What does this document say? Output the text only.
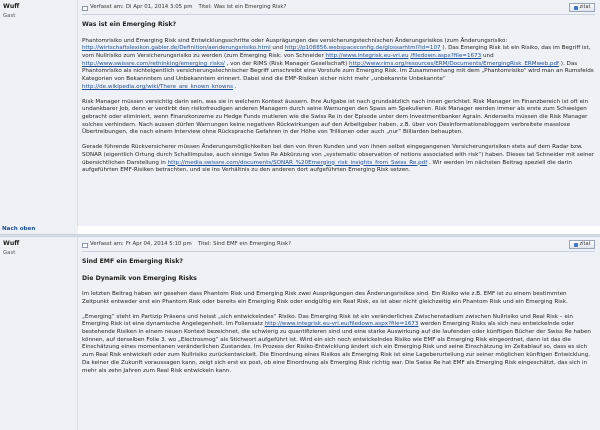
Wuff
Gast
Verfasst am: Di Apr 01, 2014 3:05 pm Titel: Was ist ein Emerging Risk?	zitat
Was ist ein Emerging Risk?

Phantomrisiko und Emerging Risk sind Entwicklungsschritte oder Ausprägungen des versicherungstechnischen Änderungsrisikos (zum Änderungsrisiko:
http://wirtschaftslexikon.gabler.de/Definition/aenderungsrisiko.html und http://p108856.webspaceconfig.de/glossarhtml?id=107 ). Das Emerging Risk ist ein Risiko, das im Begriff ist, vom Nullrisiko zum Versicherungsrisiko zu werden (zum Emerging Risk: von Schneider http://www.integrisk.eu-vri.eu /filedown.aspx?file=1673 und http://www.swissre.com/rethinking/emerging_risks/ , von der RIMS (Risk Manager Gesellschaft) http://www.rims.org/resources/ERM/Documents/EmergingRisk_ERMweb.pdf ). Das Phantomrisiko als nichteigentlich versicherungstechnischer Begriff umschreibt eine Vorstufe zum Emerging Risk. Im Zusammenhang mit dem „Phantomrisiko“ wird man an Rumsfelds Kategorien von Bekannntem und Unbekanntem erinnert. Dabei sind die EMF-Risiken sicher nicht mehr „unbekannte Unbekannte“ http://de.wikipedia.org/wiki/There_are_known_knowns .

Risk Manager müssen versichtig darin sein, was sie in welchem Kontext äussern. Ihre Aufgabe ist nach grundsätzlich nach innen gerichtet. Risk Manager im Finanzbereich ist oft ein undankbarer Job, denn er verdirbt den risikofreudigen anderen Managern durch seine Warnungen den Spass am Spekulieren. Risk Manager werden immer als erste zum Schweigen gebracht oder eliminiert, wenn Finanzkonzerne zu Hedge Funds mutieren wie die Swiss Re in der Episode unter dem Investmentbanker Agrain. Anderseits müssen die Risk Manager solches verhindern. Nach aussen dürfen Warnungen keine negativen Rückwirkungen auf den Arbeitgeber haben, z.B. über von Desinformationsbloggern verbreitete masslose Übertreibungen, die nach einem Interview ohne Rücksprache Gefahren in der Höhe von Trillionen oder auch „nur“ Billiarden behaupten.

Gerade führende Rückversicherer müssen Änderungsmöglichkeiten bei den von ihren Kunden und von ihnen selbst eingegangenen Versicherungsrisiken stets auf dem Radar bzw. SONAR (eigentlich Ortung durch Schallimpulse, auch sinnige Swiss Re Abkürzung von „systematic observation of notions associated with risk“) haben. Dieses tat Schneider mit seiner übersichtlichen Darstellung in http://media.swissre.com/documents/SONAR_%20Emerging_risk_insights_from_Swiss_Re.pdf . Wir werden im nächsten Beitrag speziell die darin aufgeführten EMF-Risiken betrachten, und sie ins Verhältnis zu den anderen dort aufgeführten Emerging Risk setzen.

Nach oben
Wuff
Gast
Verfasst am: Fr Apr 04, 2014 5:10 pm Titel: Sind EMF ein Emerging Risk?	zitat
Sind EMF ein Emerging Risk?
Die Dynamik von Emerging Risks

Im letzten Beitrag haben wir gesehen dass Phantom Risk und Emerging Risk zwei Ausprägungen des Änderungsrisikos sind. Ein Risiko wie z.B. EMF ist zu einem bestimmten Zeitpunkt entweder erst ein Phantom Risk oder bereits ein Emerging Risk oder endgültig ein Real Risk, es ist aber nicht gleichzeitig ein Phantom Risk und ein Emerging Risk.

„Emerging“ steht im Partizip Präsens und heisst „sich entwickelndes“ Risiko. Das Emerging Risk ist ein veränderliches Zwischenstadium zwischen Nullrisiko und Real Risk – ein Emerging Risk ist eine dynamische Angelegenheit. Im Foliensatz http://www.integrisk.eu-vri.eu/filedown.aspx?file=1673 werden Emerging Risks als sich neu entwickelnde oder bestehende Risiken in einem neuen Kontext bezeichnet, die schwierig zu quantifizieren sind und eine starke Auswirkung auf die laufenden oder künftigen Bücher der Swiss Re haben können, auf derselben Folie 3. wo „Electrosmog“ als Stichwort aufgeführt ist. Wird ein sich noch entwickelndes Risiko wie EMF als Emerging Risk eingeordnet, dann ist das die Einschätzung eines momentanen veränderlichen Zustandes. Im Prozess der Risiko-Entwicklung ändert sich ein Emerging Risk und seine Einschätzung im Zeitablauf so, dass es sich zum Real Risk entwickelt oder zum Nullrisiko zurückentwickelt. Die Einordnung eines Risikos als Emerging Risk ist eine Lageberurteilung zur seiner möglichen künftigen Entwicklung. Da keiner die Zukunft voraussagen kann, zeigt sich erst ex post, ob eine Einordnung als Emerging Risk richtig war. Die Swiss Re hat EMF als Emerging Risk eingeschätzt, das sich in mehr als zehn Jahren zum Real Risk entwickeln kann.
